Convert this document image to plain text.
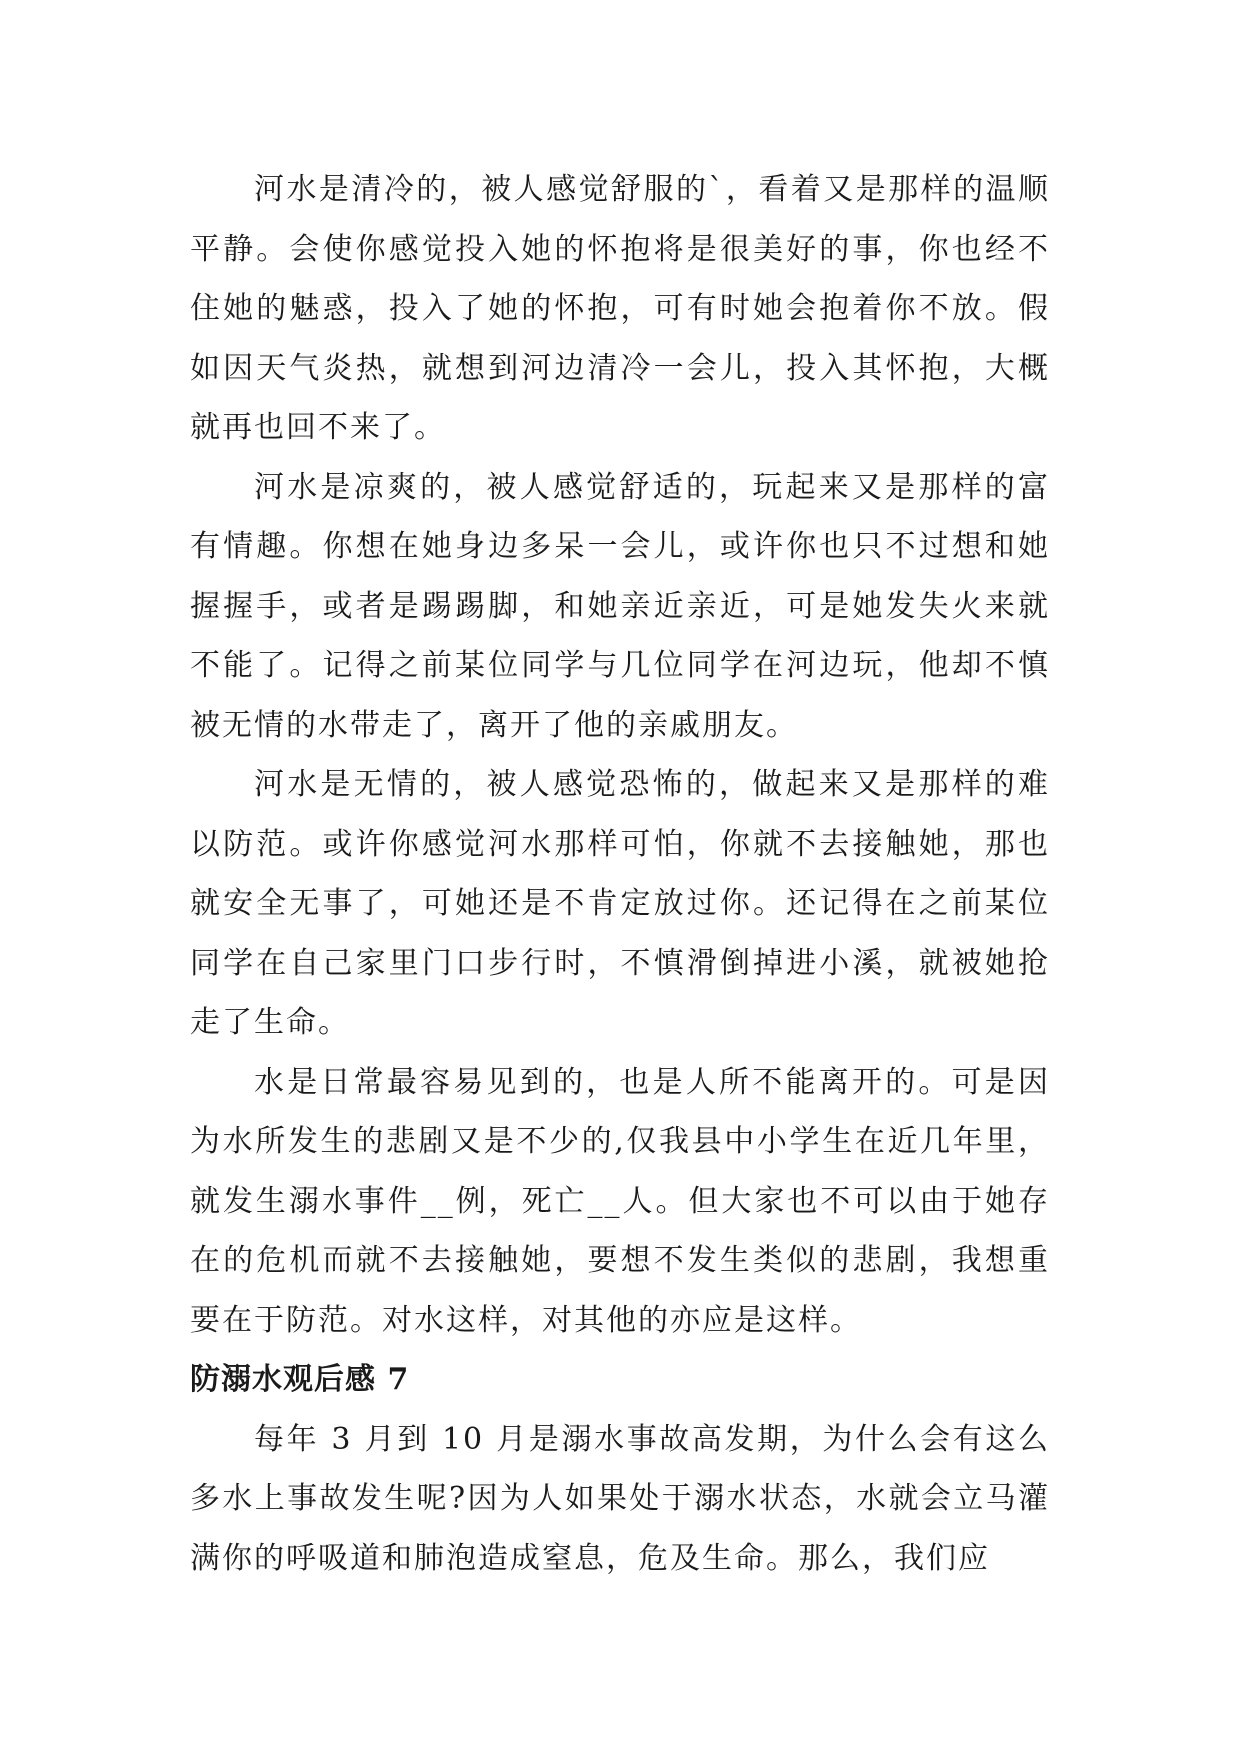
河水是清冷的，被人感觉舒服的`，看着又是那样的温顺平静。会使你感觉投入她的怀抱将是很美好的事，你也经不住她的魅惑，投入了她的怀抱，可有时她会抱着你不放。假如因天气炎热，就想到河边清冷一会儿，投入其怀抱，大概就再也回不来了。

河水是凉爽的，被人感觉舒适的，玩起来又是那样的富有情趣。你想在她身边多呆一会儿，或许你也只不过想和她握握手，或者是踢踢脚，和她亲近亲近，可是她发失火来就不能了。记得之前某位同学与几位同学在河边玩，他却不慎被无情的水带走了，离开了他的亲戚朋友。

河水是无情的，被人感觉恐怖的，做起来又是那样的难以防范。或许你感觉河水那样可怕，你就不去接触她，那也就安全无事了，可她还是不肯定放过你。还记得在之前某位同学在自己家里门口步行时，不慎滑倒掉进小溪，就被她抢走了生命。

水是日常最容易见到的，也是人所不能离开的。可是因为水所发生的悲剧又是不少的,仅我县中小学生在近几年里，就发生溺水事件__例，死亡__人。但大家也不可以由于她存在的危机而就不去接触她，要想不发生类似的悲剧，我想重要在于防范。对水这样，对其他的亦应是这样。

防溺水观后感 7

每年 3 月到 10 月是溺水事故高发期，为什么会有这么多水上事故发生呢?因为人如果处于溺水状态，水就会立马灌满你的呼吸道和肺泡造成窒息，危及生命。那么，我们应
